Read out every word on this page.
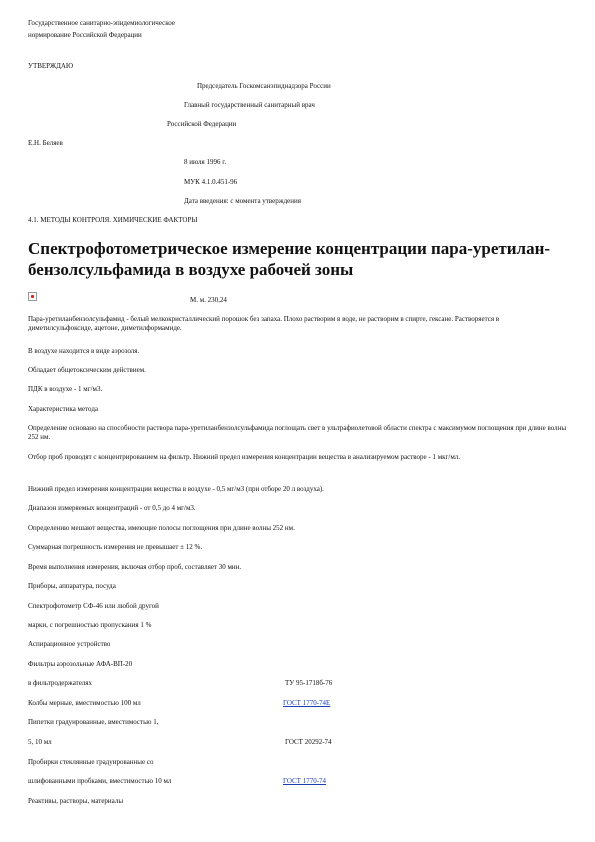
Государственное санитарно-эпидемиологическое
нормирование Российской Федерации
УТВЕРЖДАЮ
Председатель Госкомсанэпиднадзора России
Главный государственный санитарный врач
Российской Федерации
Е.Н. Беляев
8 июля 1996 г.
МУК 4.1.0.451-96
Дата введения: с момента утверждения
4.1. МЕТОДЫ КОНТРОЛЯ. ХИМИЧЕСКИЕ ФАКТОРЫ
Спектрофотометрическое измерение концентрации пара-уретилан-бензолсульфамида в воздухе рабочей зоны
М. м. 230,24
Пара-уретиланбензолсульфамид - белый мелкокристаллический порошок без запаха. Плохо растворим в воде, не растворим в спирте, гексане. Растворяется в диметилсульфоксиде, ацетоне, диметилформамиде.
В воздухе находится в виде аэрозоля.
Обладает общетоксическим действием.
ПДК в воздухе - 1 мг/м3.
Характеристика метода
Определение основано на способности раствора пара-уретиланбензолсульфамида поглощать свет в ультрафиолетовой области спектра с максимумом поглощения при длине волны 252 нм.
Отбор проб проводят с концентрированием на фильтр. Нижний предел измерения концентрации вещества в анализируемом растворе - 1 мкг/мл.
Нижний предел измерения концентрации вещества в воздухе - 0,5 мг/м3 (при отборе 20 л воздуха).
Диапазон измеряемых концентраций - от 0,5 до 4 мг/м3.
Определению мешают вещества, имеющие полосы поглощения при длине волны 252 нм.
Суммарная погрешность измерения не превышает ± 12 %.
Время выполнения измерения, включая отбор проб, составляет 30 мин.
Приборы, аппаратура, посуда
Спектрофотометр СФ-46 или любой другой
марки, с погрешностью пропускания 1 %
Аспирационное устройство
Фильтры аэрозольные АФА-ВП-20
в фильтродержателях	ТУ 95-1718б-76
Колбы мерные, вместимостью 100 мл	ГОСТ 1770-74Е
Пипетки градуированные, вместимостью 1,
5, 10 мл	ГОСТ 20292-74
Пробирки стеклянные градуированные со
шлифованными пробками, вместимостью 10 мл	ГОСТ 1770-74
Реактивы, растворы, материалы
